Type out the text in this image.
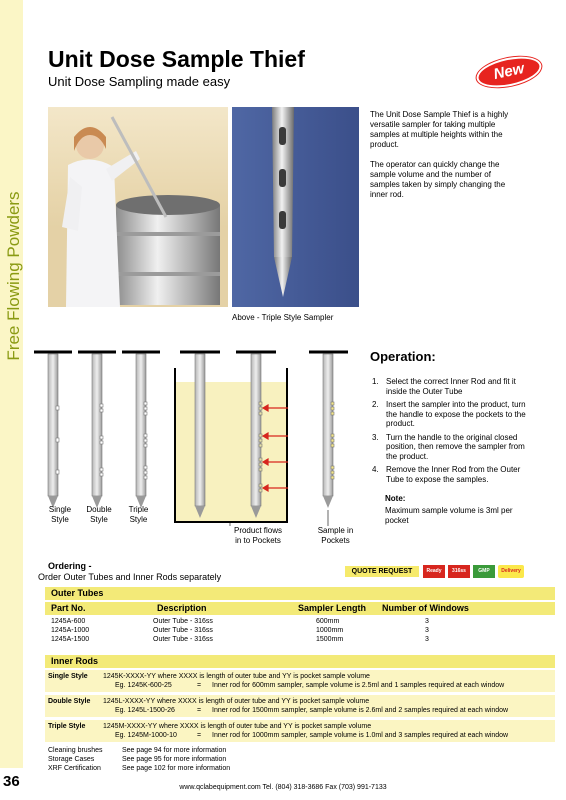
Free Flowing Powders
36
Unit Dose Sample Thief
Unit Dose Sampling made easy	New
Above - Triple Style Sampler

The Unit Dose Sample Thief is a highly versatile sampler for taking multiple samples at multiple heights within the product.

The operator can quickly change the sample volume and the number of samples taken by simply changing the inner rod.

Single Style
Double Style
Triple Style
Product flows in to Pockets
Sample in Pockets
Operation:
1. Select the correct Inner Rod and fit it inside the Outer Tube
2. Insert the sampler into the product, turn the handle to expose the pockets to the product.
3. Turn the handle to the original closed position, then remove the sampler from the product.
4. Remove the Inner Rod from the Outer Tube to expose the samples.
Note:
Maximum sample volume is 3ml per pocket
Ordering -
Order Outer Tubes and Inner Rods separately
QUOTE REQUEST	Ready Quick
316ss	GMP	Delivery
Outer Tubes
Part No.	Description	Sampler Length Number of Windows
1245A-600	Outer Tube - 316ss	600mm	3
1245A-1000	Outer Tube - 316ss	1000mm	3
1245A-1500	Outer Tube - 316ss	1500mm	3
Inner Rods
Single Style 1245K-XXXX-YY where XXXX is length of outer tube and YY is pocket sample volume
Eg. 1245K-600-25	= Inner rod for 600mm sampler, sample volume is 2.5ml and 1 samples required at each window
Double Style 1245L-XXXX-YY where XXXX is length of outer tube and YY is pocket sample volume
Eg. 1245L-1500-26	= Inner rod for 1500mm sampler, sample volume is 2.6ml and 2 samples required at each window
Triple Style	1245M-XXXX-YY where XXXX is length of outer tube and YY is pocket sample volume
Eg. 1245M-1000-10	= Inner rod for 1000mm sampler, sample volume is 1.0ml and 3 samples required at each window
Cleaning brushes	See page 94 for more information
Storage Cases	See page 95 for more information
XRF Certification	See page 102 for more information
www.qclabequipment.com Tel. (804) 318-3686 Fax (703) 991-7133
